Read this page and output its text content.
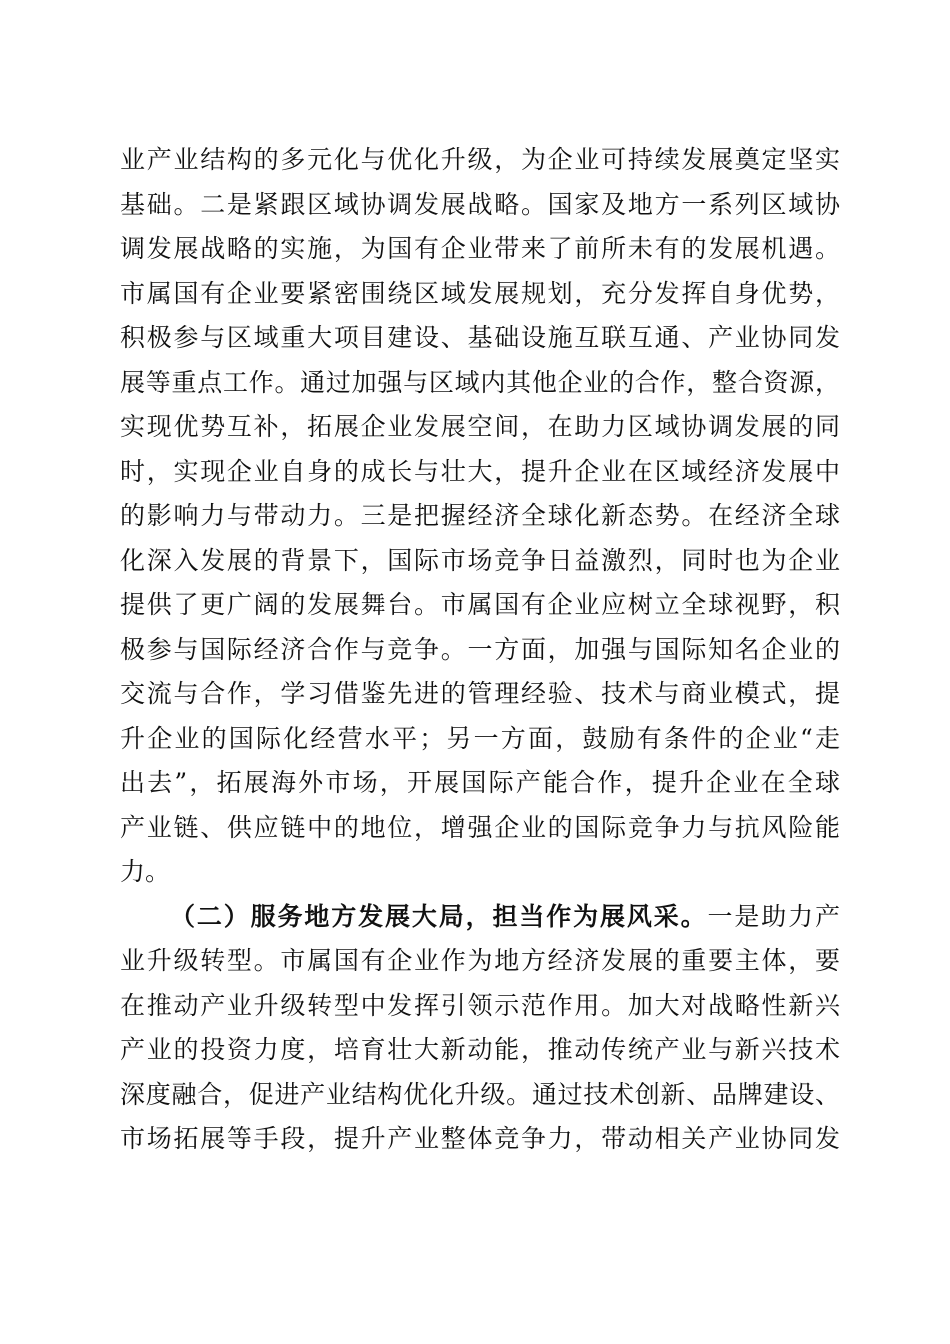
业产业结构的多元化与优化升级，为企业可持续发展奠定坚实
基础。二是紧跟区域协调发展战略。国家及地方一系列区域协
调发展战略的实施，为国有企业带来了前所未有的发展机遇。
市属国有企业要紧密围绕区域发展规划，充分发挥自身优势，
积极参与区域重大项目建设、基础设施互联互通、产业协同发
展等重点工作。通过加强与区域内其他企业的合作，整合资源，
实现优势互补，拓展企业发展空间，在助力区域协调发展的同
时，实现企业自身的成长与壮大，提升企业在区域经济发展中
的影响力与带动力。三是把握经济全球化新态势。在经济全球
化深入发展的背景下，国际市场竞争日益激烈，同时也为企业
提供了更广阔的发展舞台。市属国有企业应树立全球视野，积
极参与国际经济合作与竞争。一方面，加强与国际知名企业的
交流与合作，学习借鉴先进的管理经验、技术与商业模式，提
升企业的国际化经营水平；另一方面，鼓励有条件的企业“走
出去”，拓展海外市场，开展国际产能合作，提升企业在全球
产业链、供应链中的地位，增强企业的国际竞争力与抗风险能
力。
（二）服务地方发展大局，担当作为展风采。一是助力产
业升级转型。市属国有企业作为地方经济发展的重要主体，要
在推动产业升级转型中发挥引领示范作用。加大对战略性新兴
产业的投资力度，培育壮大新动能，推动传统产业与新兴技术
深度融合，促进产业结构优化升级。通过技术创新、品牌建设、
市场拓展等手段，提升产业整体竞争力，带动相关产业协同发
